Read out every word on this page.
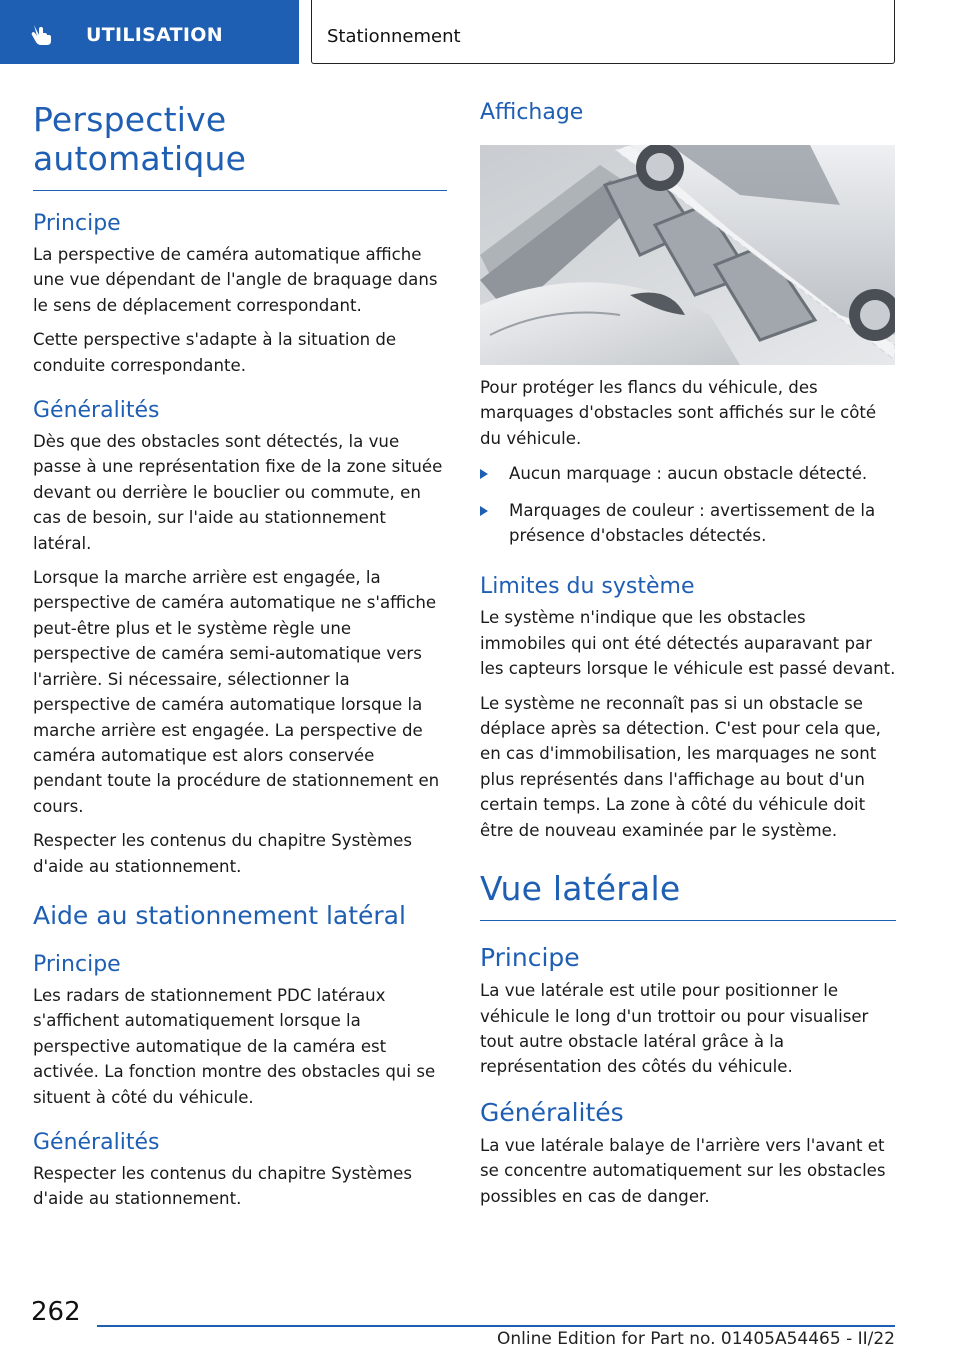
UTILISATION	Stationnement
Perspective automatique
Principe

La perspective de caméra automatique affiche une vue dépendant de l'angle de braquage dans le sens de déplacement correspondant.

Cette perspective s'adapte à la situation de conduite correspondante.

Généralités

Dès que des obstacles sont détectés, la vue passe à une représentation fixe de la zone située devant ou derrière le bouclier ou commute, en cas de besoin, sur l'aide au stationnement latéral.

Lorsque la marche arrière est engagée, la perspective de caméra automatique ne s'affiche peut-être plus et le système règle une perspective de caméra semi-automatique vers l'arrière. Si nécessaire, sélectionner la perspective de caméra automatique lorsque la marche arrière est engagée. La perspective de caméra automatique est alors conservée pendant toute la procédure de stationnement en cours.

Respecter les contenus du chapitre Systèmes d'aide au stationnement.

Aide au stationnement latéral
Principe

Les radars de stationnement PDC latéraux s'affichent automatiquement lorsque la perspective automatique de la caméra est activée. La fonction montre des obstacles qui se situent à côté du véhicule.

Généralités

Respecter les contenus du chapitre Systèmes d'aide au stationnement.

Affichage

Pour protéger les flancs du véhicule, des marquages d'obstacles sont affichés sur le côté du véhicule.

Aucun marquage : aucun obstacle détecté.
Marquages de couleur : avertissement de la présence d'obstacles détectés.
Limites du système

Le système n'indique que les obstacles immobiles qui ont été détectés auparavant par les capteurs lorsque le véhicule est passé devant.

Le système ne reconnaît pas si un obstacle se déplace après sa détection. C'est pour cela que, en cas d'immobilisation, les marquages ne sont plus représentés dans l'affichage au bout d'un certain temps. La zone à côté du véhicule doit être de nouveau examinée par le système.

Vue latérale
Principe

La vue latérale est utile pour positionner le véhicule le long d'un trottoir ou pour visualiser tout autre obstacle latéral grâce à la représentation des côtés du véhicule.

Généralités

La vue latérale balaye de l'arrière vers l'avant et se concentre automatiquement sur les obstacles possibles en cas de danger.

262
Online Edition for Part no. 01405A54465 - II/22
